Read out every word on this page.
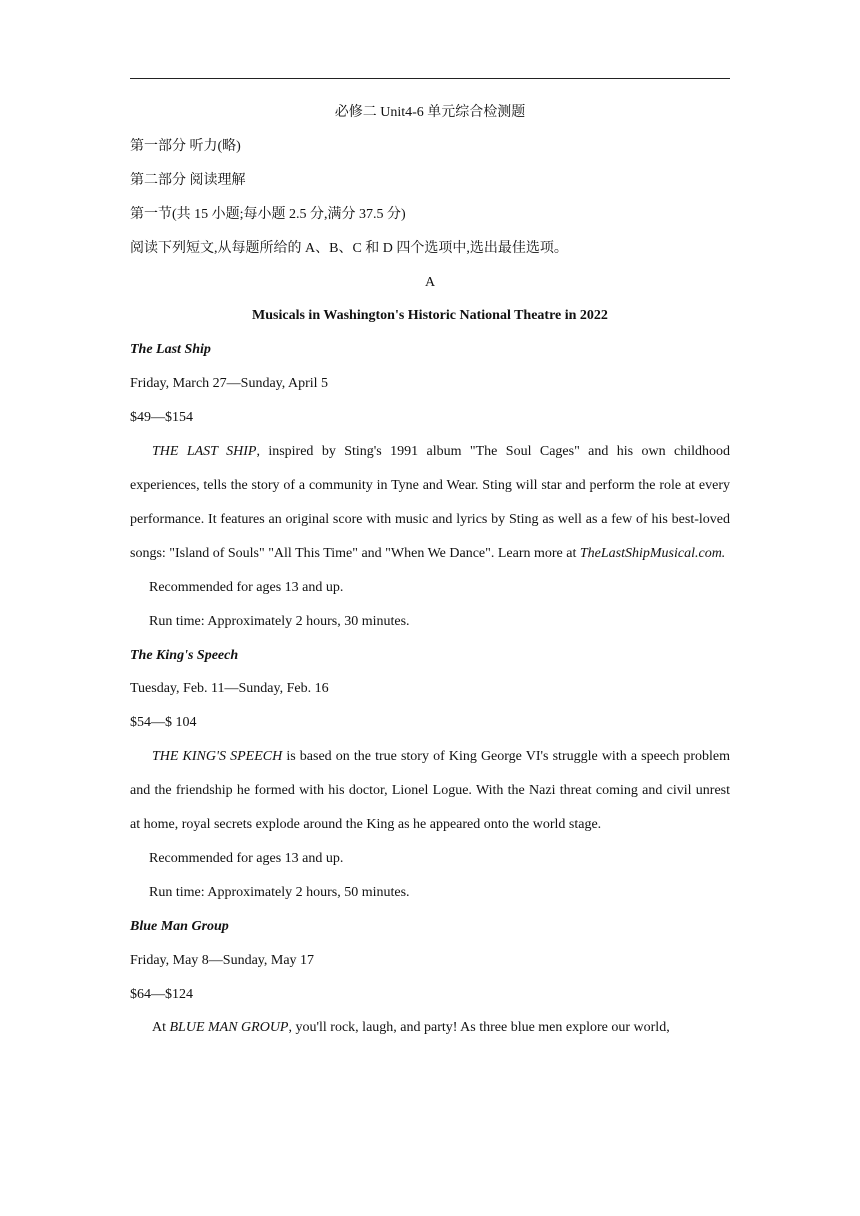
必修二 Unit4-6 单元综合检测题
第一部分 听力(略)
第二部分 阅读理解
第一节(共 15 小题;每小题 2.5 分,满分 37.5 分)
阅读下列短文,从每题所给的 A、B、C 和 D 四个选项中,选出最佳选项。
A
Musicals in Washington's Historic National Theatre in 2022
The Last Ship
Friday, March 27—Sunday, April 5
$49—$154
THE LAST SHIP, inspired by Sting's 1991 album "The Soul Cages" and his own childhood experiences, tells the story of a community in Tyne and Wear. Sting will star and perform the role at every performance. It features an original score with music and lyrics by Sting as well as a few of his best-loved songs: "Island of Souls" "All This Time" and "When We Dance". Learn more at TheLastShipMusical.com.
Recommended for ages 13 and up.
Run time: Approximately 2 hours, 30 minutes.
The King's Speech
Tuesday, Feb. 11—Sunday, Feb. 16
$54—$ 104
THE KING'S SPEECH is based on the true story of King George VI's struggle with a speech problem and the friendship he formed with his doctor, Lionel Logue. With the Nazi threat coming and civil unrest at home, royal secrets explode around the King as he appeared onto the world stage.
Recommended for ages 13 and up.
Run time: Approximately 2 hours, 50 minutes.
Blue Man Group
Friday, May 8—Sunday, May 17
$64—$124
At BLUE MAN GROUP, you'll rock, laugh, and party! As three blue men explore our world,
